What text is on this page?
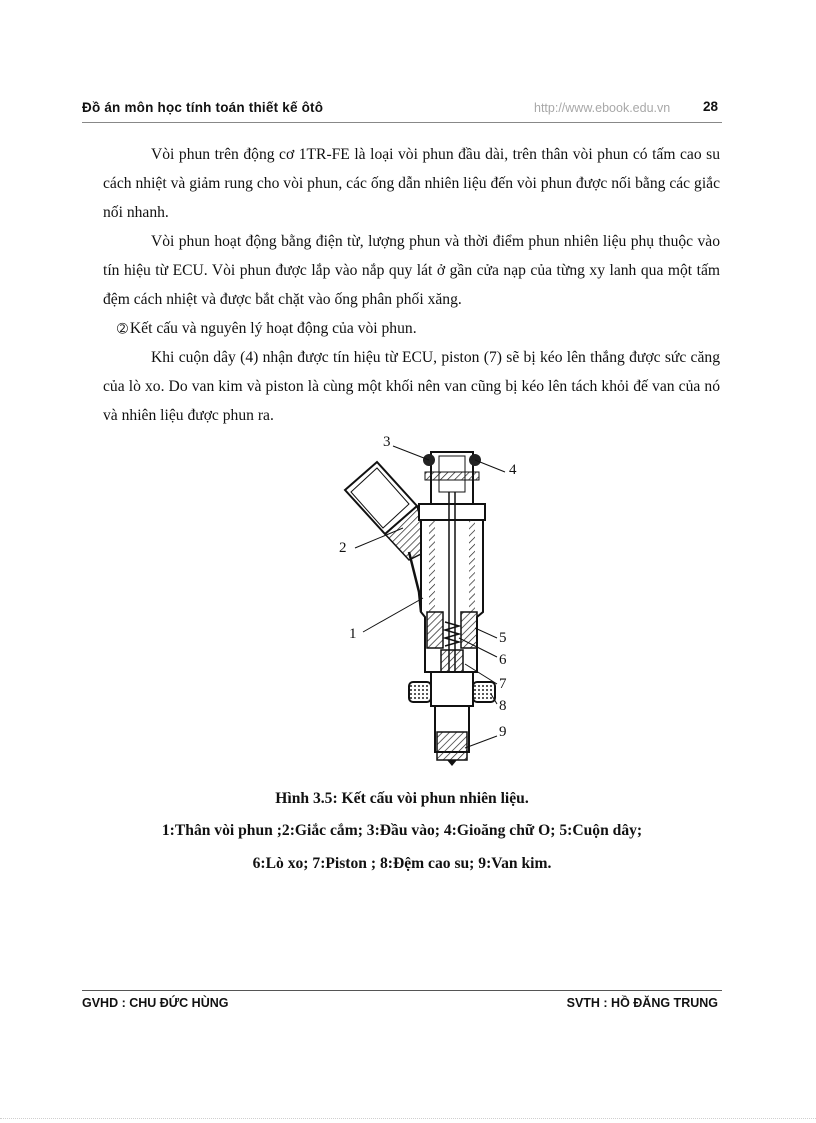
Đồ án môn học tính toán thiết kế ôtô	http://www.ebook.edu.vn 28

Vòi phun trên động cơ 1TR-FE là loại vòi phun đầu dài, trên thân vòi phun có tấm cao su cách nhiệt và giảm rung cho vòi phun, các ống dẫn nhiên liệu đến vòi phun được nối bằng các giắc nối nhanh.

Vòi phun hoạt động bằng điện từ, lượng phun và thời điểm phun nhiên liệu phụ thuộc vào tín hiệu từ ECU. Vòi phun được lắp vào nắp quy lát ở gần cửa nạp của từng xy lanh qua một tấm đệm cách nhiệt và được bắt chặt vào ống phân phối xăng.

➁ Kết cấu và nguyên lý hoạt động của vòi phun.

Khi cuộn dây (4) nhận được tín hiệu từ ECU, piston (7) sẽ bị kéo lên thắng được sức căng của lò xo. Do van kim và piston là cùng một khối nên van cũng bị kéo lên tách khỏi đế van của nó và nhiên liệu được phun ra.

3
4
2
1	5
6
7
8
9
Hình 3.5: Kết cấu vòi phun nhiên liệu.
1:Thân vòi phun ;2:Giắc cắm; 3:Đầu vào; 4:Gioăng chữ O; 5:Cuộn dây;
6:Lò xo; 7:Piston ; 8:Đệm cao su; 9:Van kim.
GVHD : CHU ĐỨC HÙNG	SVTH : HỒ ĐĂNG TRUNG
